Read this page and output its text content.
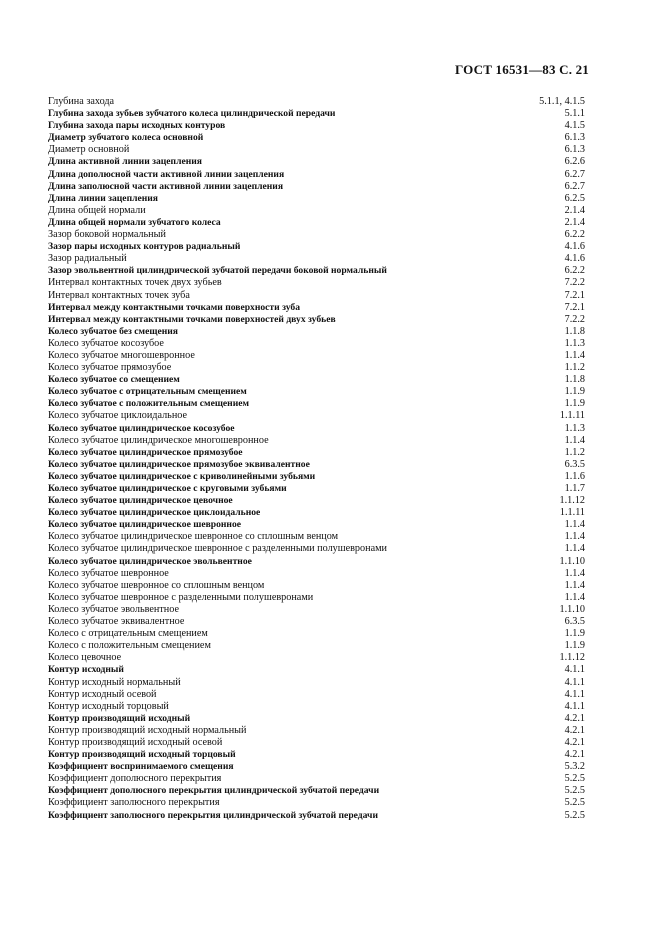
ГОСТ 16531—83 С. 21
Глубина захода	5.1.1, 4.1.5
Глубина захода зубьев зубчатого колеса цилиндрической передачи	5.1.1
Глубина захода пары исходных контуров	4.1.5
Диаметр зубчатого колеса основной	6.1.3
Диаметр основной	6.1.3
Длина активной линии зацепления	6.2.6
Длина дополюсной части активной линии зацепления	6.2.7
Длина заполюсной части активной линии зацепления	6.2.7
Длина линии зацепления	6.2.5
Длина общей нормали	2.1.4
Длина общей нормали зубчатого колеса	2.1.4
Зазор боковой нормальный	6.2.2
Зазор пары исходных контуров радиальный	4.1.6
Зазор радиальный	4.1.6
Зазор эвольвентной цилиндрической зубчатой передачи боковой нормальный	6.2.2
Интервал контактных точек двух зубьев	7.2.2
Интервал контактных точек зуба	7.2.1
Интервал между контактными точками поверхности зуба	7.2.1
Интервал между контактными точками поверхностей двух зубьев	7.2.2
Колесо зубчатое без смещения	1.1.8
Колесо зубчатое косозубое	1.1.3
Колесо зубчатое многошевронное	1.1.4
Колесо зубчатое прямозубое	1.1.2
Колесо зубчатое со смещением	1.1.8
Колесо зубчатое с отрицательным смещением	1.1.9
Колесо зубчатое с положительным смещением	1.1.9
Колесо зубчатое циклоидальное	1.1.11
Колесо зубчатое цилиндрическое косозубое	1.1.3
Колесо зубчатое цилиндрическое многошевронное	1.1.4
Колесо зубчатое цилиндрическое прямозубое	1.1.2
Колесо зубчатое цилиндрическое прямозубое эквивалентное	6.3.5
Колесо зубчатое цилиндрическое с криволинейными зубьями	1.1.6
Колесо зубчатое цилиндрическое с круговыми зубьями	1.1.7
Колесо зубчатое цилиндрическое цевочное	1.1.12
Колесо зубчатое цилиндрическое циклоидальное	1.1.11
Колесо зубчатое цилиндрическое шевронное	1.1.4
Колесо зубчатое цилиндрическое шевронное со сплошным венцом	1.1.4
Колесо зубчатое цилиндрическое шевронное с разделенными полушевронами	1.1.4
Колесо зубчатое цилиндрическое эвольвентное	1.1.10
Колесо зубчатое шевронное	1.1.4
Колесо зубчатое шевронное со сплошным венцом	1.1.4
Колесо зубчатое шевронное с разделенными полушевронами	1.1.4
Колесо зубчатое эвольвентное	1.1.10
Колесо зубчатое эквивалентное	6.3.5
Колесо с отрицательным смещением	1.1.9
Колесо с положительным смещением	1.1.9
Колесо цевочное	1.1.12
Контур исходный	4.1.1
Контур исходный нормальный	4.1.1
Контур исходный осевой	4.1.1
Контур исходный торцовый	4.1.1
Контур производящий исходный	4.2.1
Контур производящий исходный нормальный	4.2.1
Контур производящий исходный осевой	4.2.1
Контур производящий исходный торцовый	4.2.1
Коэффициент воспринимаемого смещения	5.3.2
Коэффициент дополюсного перекрытия	5.2.5
Коэффициент дополюсного перекрытия цилиндрической зубчатой передачи	5.2.5
Коэффициент заполюсного перекрытия	5.2.5
Коэффициент заполюсного перекрытия цилиндрической зубчатой передачи	5.2.5
